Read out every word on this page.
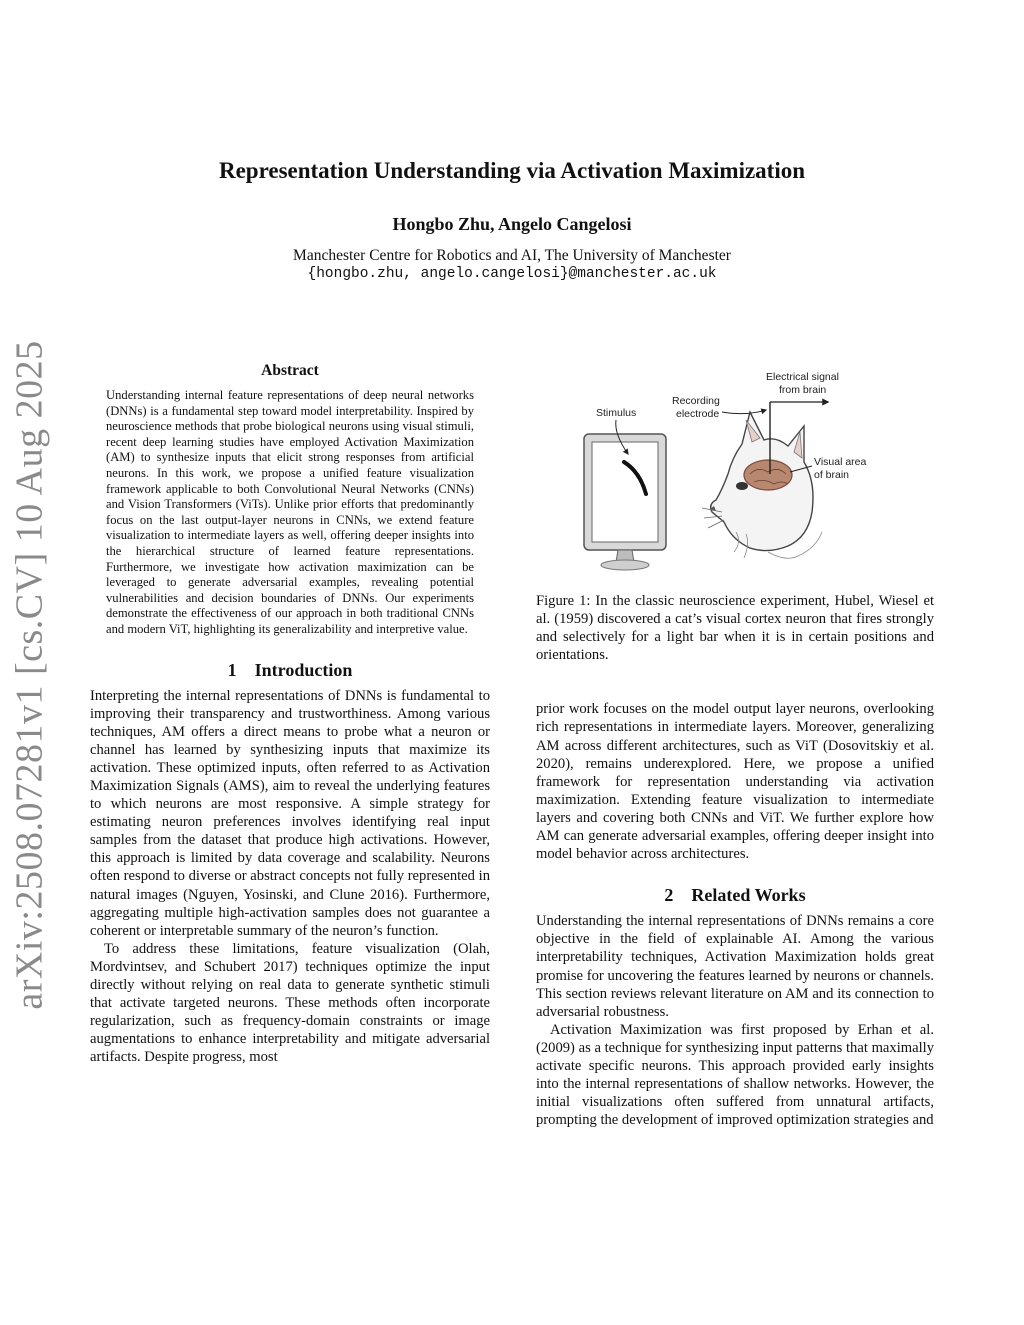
arXiv:2508.07281v1 [cs.CV] 10 Aug 2025
Representation Understanding via Activation Maximization
Hongbo Zhu, Angelo Cangelosi
Manchester Centre for Robotics and AI, The University of Manchester
{hongbo.zhu, angelo.cangelosi}@manchester.ac.uk
Abstract

Understanding internal feature representations of deep neural networks (DNNs) is a fundamental step toward model interpretability. Inspired by neuroscience methods that probe biological neurons using visual stimuli, recent deep learning studies have employed Activation Maximization (AM) to synthesize inputs that elicit strong responses from artificial neurons. In this work, we propose a unified feature visualization framework applicable to both Convolutional Neural Networks (CNNs) and Vision Transformers (ViTs). Unlike prior efforts that predominantly focus on the last output-layer neurons in CNNs, we extend feature visualization to intermediate layers as well, offering deeper insights into the hierarchical structure of learned feature representations. Furthermore, we investigate how activation maximization can be leveraged to generate adversarial examples, revealing potential vulnerabilities and decision boundaries of DNNs. Our experiments demonstrate the effectiveness of our approach in both traditional CNNs and modern ViT, highlighting its generalizability and interpretive value.

1 Introduction

Interpreting the internal representations of DNNs is fundamental to improving their transparency and trustworthiness. Among various techniques, AM offers a direct means to probe what a neuron or channel has learned by synthesizing inputs that maximize its activation. These optimized inputs, often referred to as Activation Maximization Signals (AMS), aim to reveal the underlying features to which neurons are most responsive. A simple strategy for estimating neuron preferences involves identifying real input samples from the dataset that produce high activations. However, this approach is limited by data coverage and scalability. Neurons often respond to diverse or abstract concepts not fully represented in natural images (Nguyen, Yosinski, and Clune 2016). Furthermore, aggregating multiple high-activation samples does not guarantee a coherent or interpretable summary of the neuron’s function.

To address these limitations, feature visualization (Olah, Mordvintsev, and Schubert 2017) techniques optimize the input directly without relying on real data to generate synthetic stimuli that activate targeted neurons. These methods often incorporate regularization, such as frequency-domain constraints or image augmentations to enhance interpretability and mitigate adversarial artifacts. Despite progress, most

Stimulus
Recording
electrode
Electrical signal
from brain
Visual area
of brain

Figure 1: In the classic neuroscience experiment, Hubel, Wiesel et al. (1959) discovered a cat’s visual cortex neuron that fires strongly and selectively for a light bar when it is in certain positions and orientations.

prior work focuses on the model output layer neurons, overlooking rich representations in intermediate layers. Moreover, generalizing AM across different architectures, such as ViT (Dosovitskiy et al. 2020), remains underexplored. Here, we propose a unified framework for representation understanding via activation maximization. Extending feature visualization to intermediate layers and covering both CNNs and ViT. We further explore how AM can generate adversarial examples, offering deeper insight into model behavior across architectures.

2 Related Works

Understanding the internal representations of DNNs remains a core objective in the field of explainable AI. Among the various interpretability techniques, Activation Maximization holds great promise for uncovering the features learned by neurons or channels. This section reviews relevant literature on AM and its connection to adversarial robustness.

Activation Maximization was first proposed by Erhan et al. (2009) as a technique for synthesizing input patterns that maximally activate specific neurons. This approach provided early insights into the internal representations of shallow networks. However, the initial visualizations often suffered from unnatural artifacts, prompting the development of improved optimization strategies and
